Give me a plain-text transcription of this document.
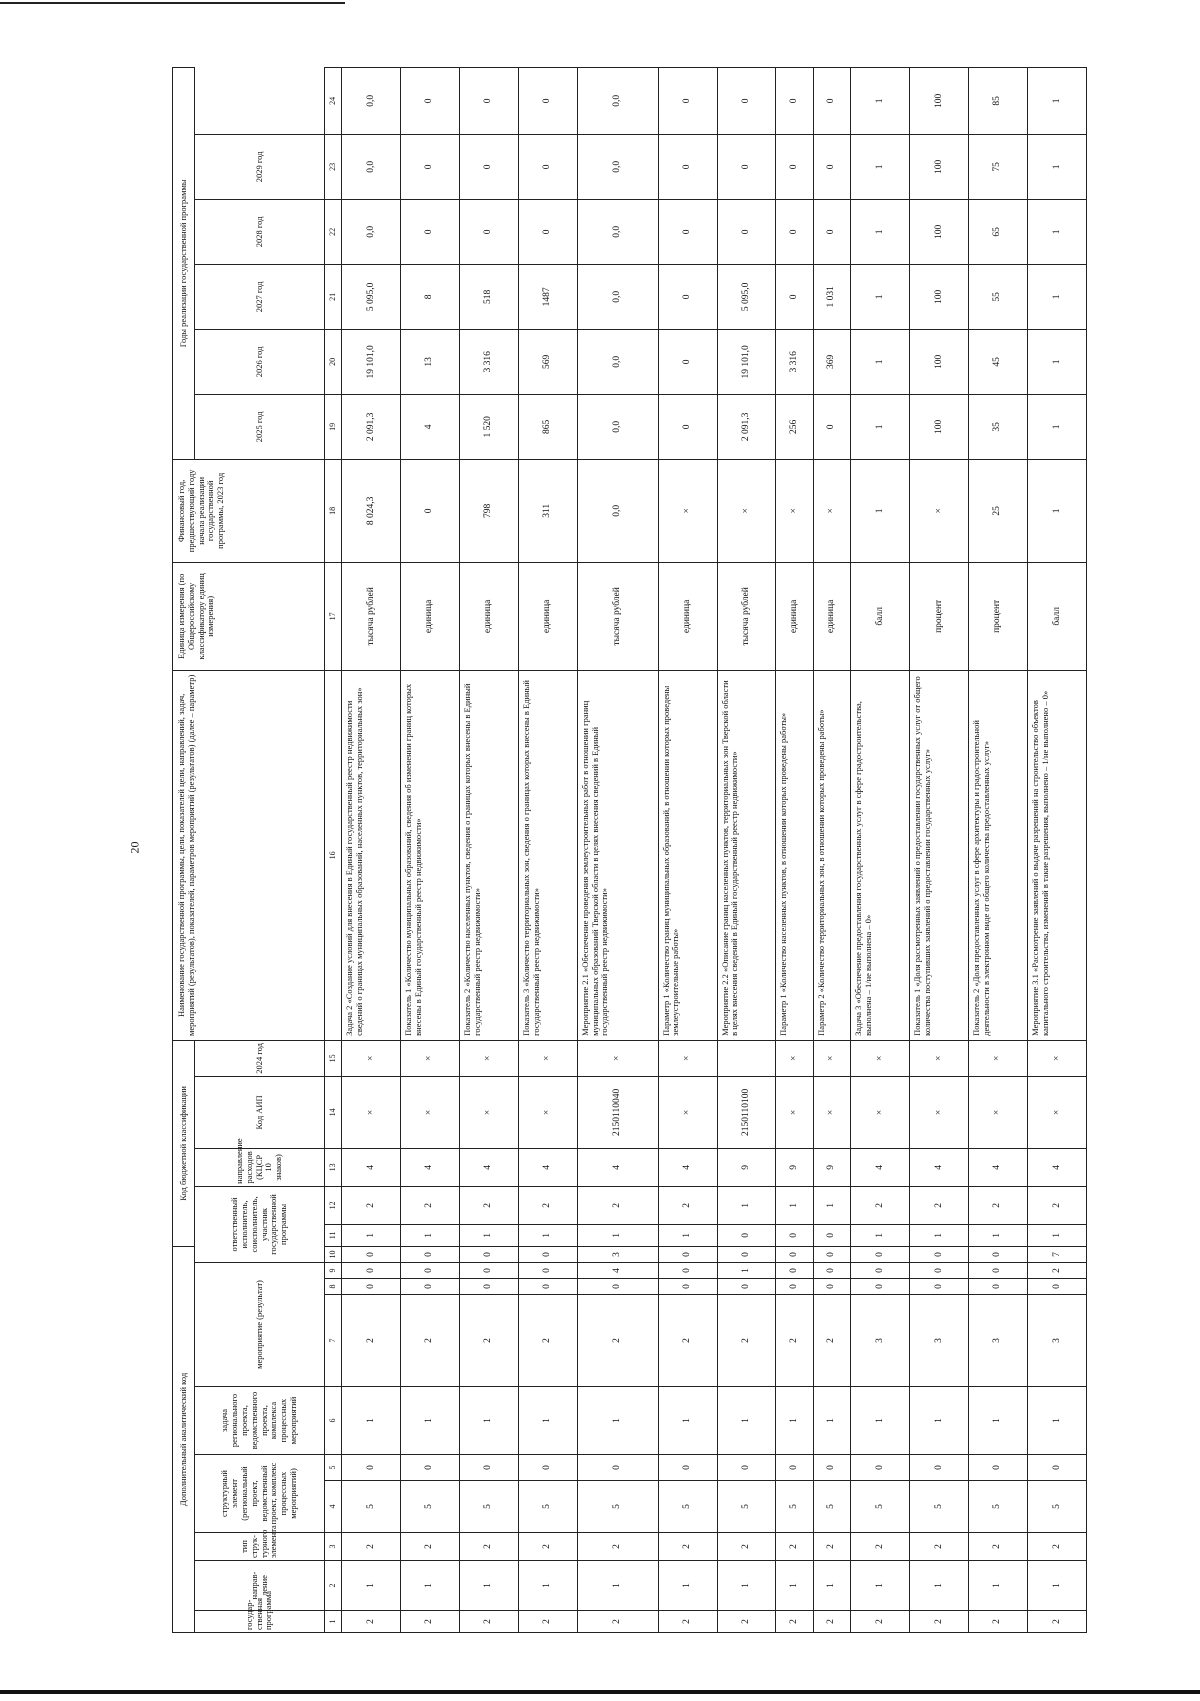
20
Дополнительный аналитический код										Код бюджетной классификации					Наименование государственной программы, цели, показателей цели, направлений, задач, мероприятий (результатов), показателей, параметров мероприятий (результатов) (далее – параметр)	Единица измерения (по Общероссийскому классификатору единиц измерения)	Финансовый год, предшествующий году начала реализации государственной программы, 2023 год	Годы реализации государственной программы					
государ-ственная программа	направ-ление	тип струк-турного элемента	структурный элемент (региональный проект, ведомственный проект, комплекс процессных мероприятий)		задача регионального проекта, ведомственного проекта, комплекса процессных мероприятий	мероприятие (результат)			ответственный исполнитель, соисполнитель, участник государственной программы			направление расходов (КЦСР 10 знаков)	Код АИП	2024 год				2025 год	2026 год	2027 год	2028 год	2029 год	

1	2	3	4	5	6	7	8	9	10	11	12	13	14	15	16	17	18	19	20	21	22	23	24
2	1	2	5	0	1	2	0	0	0	1	2	4	×	×	Задача 2 «Создание условий для внесения в Единый государственный реестр недвижимости сведений о границах муниципальных образований, населенных пунктов, территориальных зон»	тысяча рублей	8 024,3	2 091,3	19 101,0	5 095,0	0,0	0,0	0,0
2	1	2	5	0	1	2	0	0	0	1	2	4	×	×	Показатель 1 «Количество муниципальных образований, сведения об изменении границ которых внесены в Единый государственный реестр недвижимости»	единица	0	4	13	8	0	0	0
2	1	2	5	0	1	2	0	0	0	1	2	4	×	×	Показатель 2 «Количество населенных пунктов, сведения о границах которых внесены в Единый государственный реестр недвижимости»	единица	798	1 520	3 316	518	0	0	0
2	1	2	5	0	1	2	0	0	0	1	2	4	×	×	Показатель 3 «Количество территориальных зон, сведения о границах которых внесены в Единый государственный реестр недвижимости»	единица	311	865	569	1487	0	0	0
2	1	2	5	0	1	2	0	4	3	1	2	4	2150110040	×	Мероприятие 2.1 «Обеспечение проведения землеустроительных работ в отношении границ муниципальных образований Тверской области в целях внесения сведений в Единый государственный реестр недвижимости»	тысяча рублей	0,0	0,0	0,0	0,0	0,0	0,0	0,0
2	1	2	5	0	1	2	0	0	0	1	2	4	×	×	Параметр 1 «Количество границ муниципальных образований, в отношении которых проведены землеустроительные работы»	единица	×	0	0	0	0	0	0
2	1	2	5	0	1	2	0	1	0	0	1	9	2150110100		Мероприятие 2.2 «Описание границ населенных пунктов, территориальных зон Тверской области в целях внесения сведений в Единый государственный реестр недвижимости»	тысяча рублей	×	2 091,3	19 101,0	5 095,0	0	0	0
2	1	2	5	0	1	2	0	0	0	0	1	9	×	×	Параметр 1 «Количество населенных пунктов, в отношении которых проведены работы»	единица	×	256	3 316	0	0	0	0
2	1	2	5	0	1	2	0	0	0	0	1	9	×	×	Параметр 2 «Количество территориальных зон, в отношении которых проведены работы»	единица	×	0	369	1 031	0	0	0
2	1	2	5	0	1	3	0	0	0	1	2	4	×	×	Задача 3 «Обеспечение предоставления государственных услуг в сфере градостроительства, выполнена – 1/не выполнена – 0»	балл	1	1	1	1	1	1	1
2	1	2	5	0	1	3	0	0	0	1	2	4	×	×	Показатель 1 «Доля рассмотренных заявлений о предоставлении государственных услуг от общего количества поступивших заявлений о предоставлении государственных услуг»	процент	×	100	100	100	100	100	100
2	1	2	5	0	1	3	0	0	0	1	2	4	×	×	Показатель 2 «Доля предоставленных услуг в сфере архитектуры и градостроительной деятельности в электронном виде от общего количества предоставленных услуг»	процент	25	35	45	55	65	75	85
2	1	2	5	0	1	3	0	2	7	1	2	4	×	×	Мероприятие 3.1 «Рассмотрение заявлений о выдаче разрешений на строительство объектов капитального строительства, изменений в такие разрешения, выполнено – 1/не выполнено – 0»	балл	1	1	1	1	1	1	1
